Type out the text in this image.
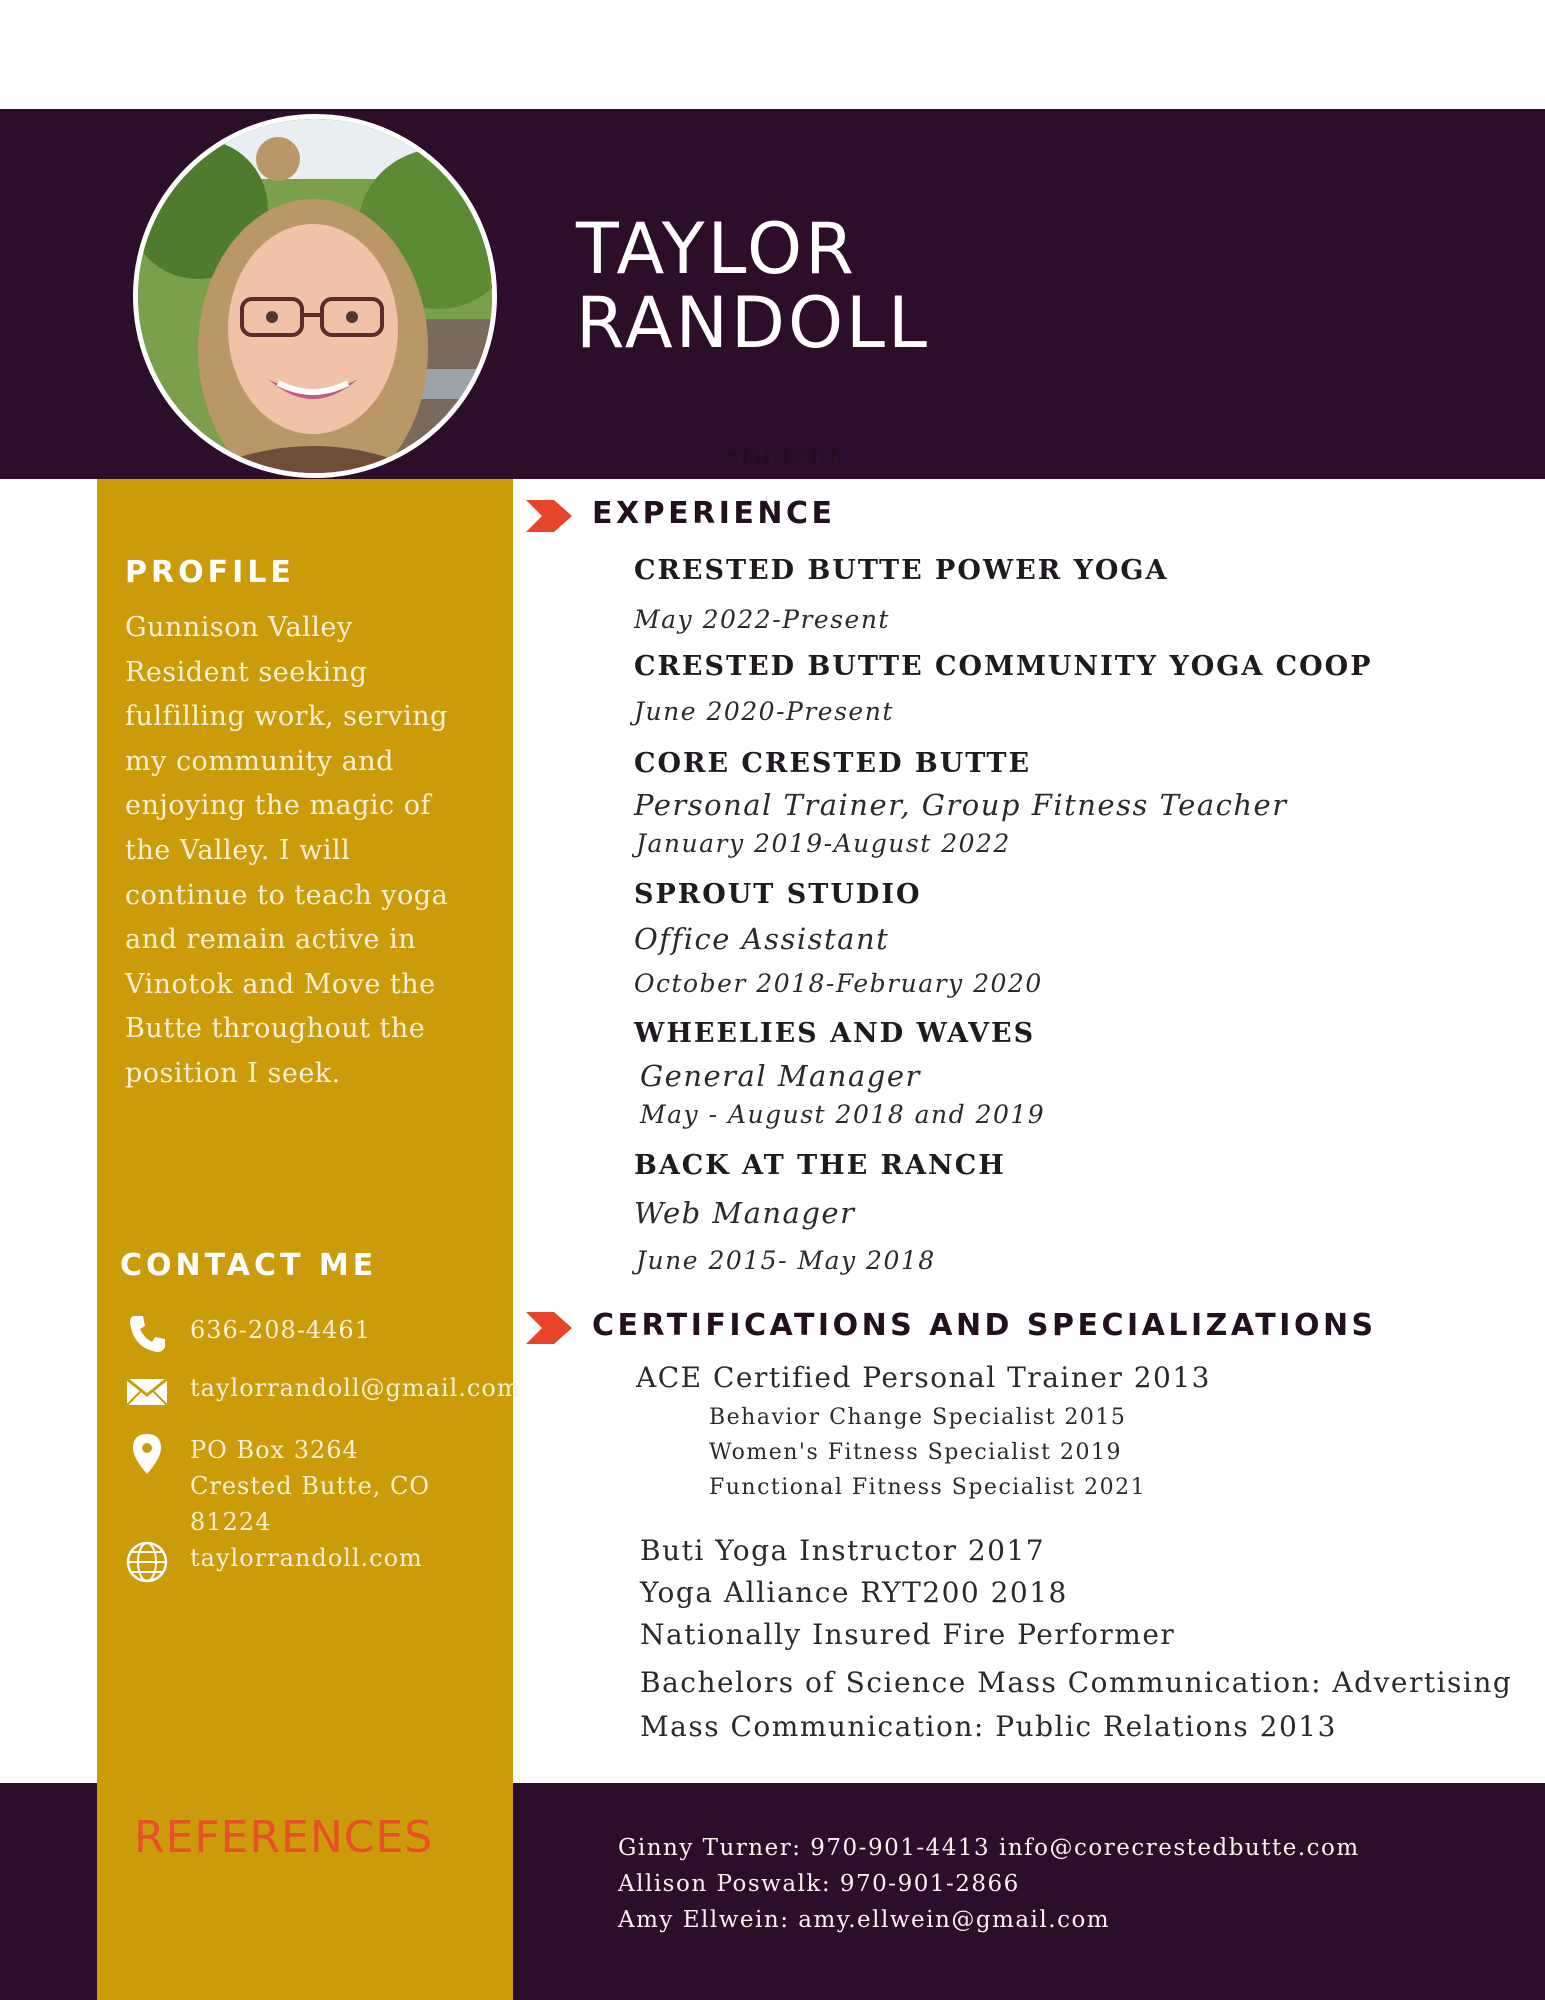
TAYLOR
RANDOLL
Student
PROFILE
Gunnison Valley
Resident seeking
fulfilling work, serving
my community and
enjoying the magic of
the Valley. I will
continue to teach yoga
and remain active in
Vinotok and Move the
Butte throughout the
position I seek.
CONTACT ME
636-208-4461
taylorrandoll@gmail.com
PO Box 3264
Crested Butte, CO
81224
taylorrandoll.com
EXPERIENCE
CRESTED BUTTE POWER YOGA
May 2022-Present
CRESTED BUTTE COMMUNITY YOGA COOP
June 2020-Present
CORE CRESTED BUTTE
Personal Trainer, Group Fitness Teacher
January 2019-August 2022
SPROUT STUDIO
Office Assistant
October 2018-February 2020
WHEELIES AND WAVES
General Manager
May - August 2018 and 2019
BACK AT THE RANCH
Web Manager
June 2015- May 2018
CERTIFICATIONS AND SPECIALIZATIONS
ACE Certified Personal Trainer 2013
Behavior Change Specialist 2015
Women's Fitness Specialist 2019
Functional Fitness Specialist 2021
Buti Yoga Instructor 2017
Yoga Alliance RYT200 2018
Nationally Insured Fire Performer
Bachelors of Science Mass Communication: Advertising
Mass Communication: Public Relations 2013
REFERENCES	Ginny Turner: 970-901-4413 info@corecrestedbutte.com
Allison Poswalk: 970-901-2866
Amy Ellwein: amy.ellwein@gmail.com
